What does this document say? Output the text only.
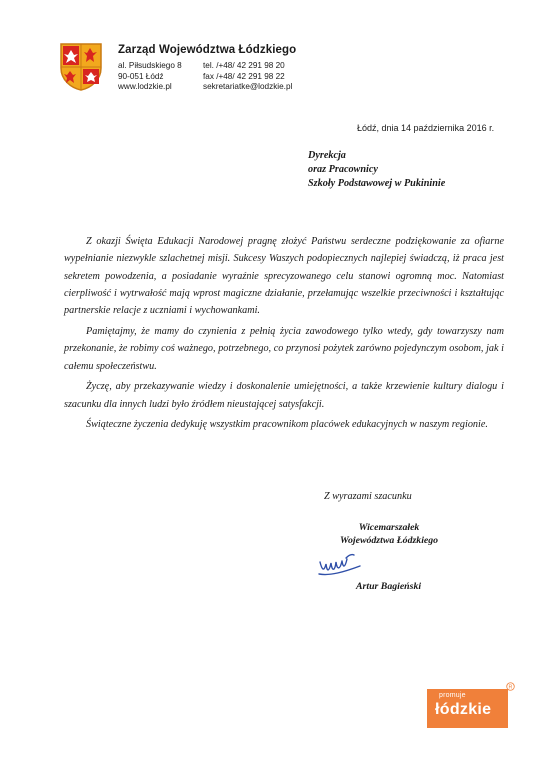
Zarząd Województwa Łódzkiego
al. Piłsudskiego 8
90-051 Łódź
www.lodzkie.pl
tel. /+48/ 42 291 98 20
fax /+48/ 42 291 98 22
sekretariatke@lodzkie.pl
Łódź, dnia 14 października 2016 r.
Dyrekcja
oraz Pracownicy
Szkoły Podstawowej w Pukininie

Z okazji Święta Edukacji Narodowej pragnę złożyć Państwu serdeczne podziękowanie za ofiarne wypełnianie niezwykle szlachetnej misji. Sukcesy Waszych podopiecznych najlepiej świadczą, iż praca jest sekretem powodzenia, a posiadanie wyraźnie sprecyzowanego celu stanowi ogromną moc. Natomiast cierpliwość i wytrwałość mają wprost magiczne działanie, przełamując wszelkie przeciwności i kształtując partnerskie relacje z uczniami i wychowankami.

Pamiętajmy, że mamy do czynienia z pełnią życia zawodowego tylko wtedy, gdy towarzyszy nam przekonanie, że robimy coś ważnego, potrzebnego, co przynosi pożytek zarówno pojedynczym osobom, jak i całemu społeczeństwu.

Życzę, aby przekazywanie wiedzy i doskonalenie umiejętności, a także krzewienie kultury dialogu i szacunku dla innych ludzi było źródłem nieustającej satysfakcji.

Świąteczne życzenia dedykuję wszystkim pracownikom placówek edukacyjnych w naszym regionie.

Z wyrazami szacunku
Wicemarszałek
Województwa Łódzkiego
Artur Bagieński
promuje
łódzkie
R
